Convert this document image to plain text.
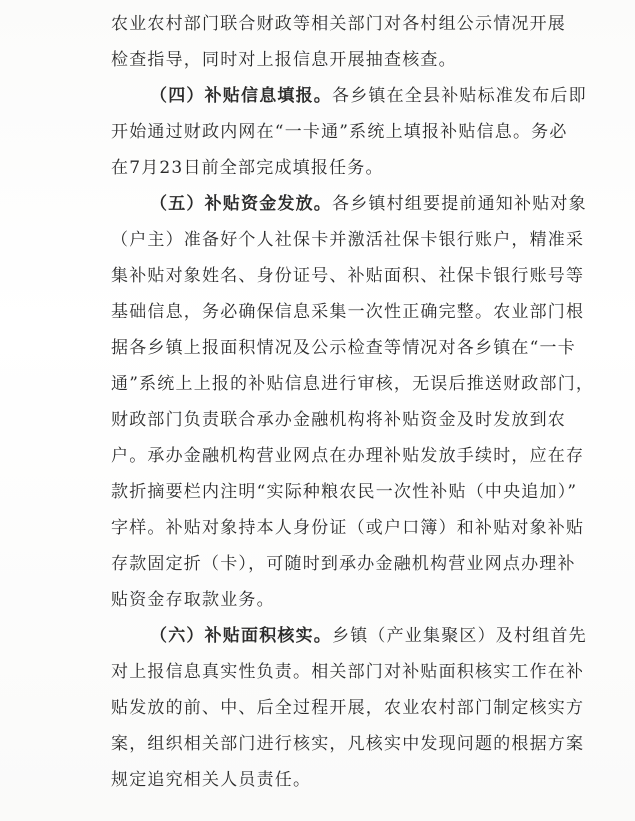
农业农村部门联合财政等相关部门对各村组公示情况开展
检查指导，同时对上报信息开展抽查核查。
（四）补贴信息填报。各乡镇在全县补贴标准发布后即
开始通过财政内网在“一卡通”系统上填报补贴信息。务必
在7月23日前全部完成填报任务。
（五）补贴资金发放。各乡镇村组要提前通知补贴对象
（户主）准备好个人社保卡并激活社保卡银行账户，精准采
集补贴对象姓名、身份证号、补贴面积、社保卡银行账号等
基础信息，务必确保信息采集一次性正确完整。农业部门根
据各乡镇上报面积情况及公示检查等情况对各乡镇在“一卡
通”系统上上报的补贴信息进行审核，无误后推送财政部门，
财政部门负责联合承办金融机构将补贴资金及时发放到农
户。承办金融机构营业网点在办理补贴发放手续时，应在存
款折摘要栏内注明“实际种粮农民一次性补贴（中央追加）”
字样。补贴对象持本人身份证（或户口簿）和补贴对象补贴
存款固定折（卡），可随时到承办金融机构营业网点办理补
贴资金存取款业务。
（六）补贴面积核实。乡镇（产业集聚区）及村组首先
对上报信息真实性负责。相关部门对补贴面积核实工作在补
贴发放的前、中、后全过程开展，农业农村部门制定核实方
案，组织相关部门进行核实，凡核实中发现问题的根据方案
规定追究相关人员责任。
